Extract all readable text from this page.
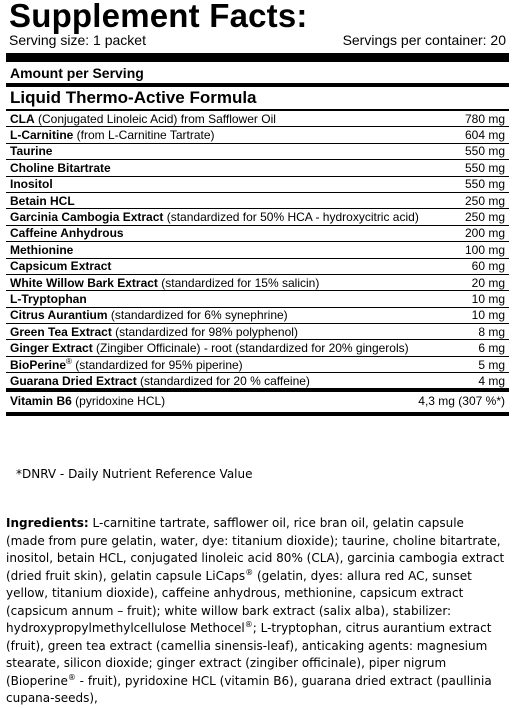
Supplement Facts:
Serving size: 1 packet	Servings per container: 20
Amount per Serving
Liquid Thermo-Active Formula
CLA (Conjugated Linoleic Acid) from Safflower Oil	780 mg
L-Carnitine (from L-Carnitine Tartrate)	604 mg
Taurine	550 mg
Choline Bitartrate	550 mg
Inositol	550 mg
Betain HCL	250 mg
Garcinia Cambogia Extract (standardized for 50% HCA - hydroxycitric acid)	250 mg
Caffeine Anhydrous	200 mg
Methionine	100 mg
Capsicum Extract	60 mg
White Willow Bark Extract (standardized for 15% salicin)	20 mg
L-Tryptophan	10 mg
Citrus Aurantium (standardized for 6% synephrine)	10 mg
Green Tea Extract (standardized for 98% polyphenol)	8 mg
Ginger Extract (Zingiber Officinale) - root (standardized for 20% gingerols)	6 mg
BioPerine® (standardized for 95% piperine)	5 mg
Guarana Dried Extract (standardized for 20 % caffeine)	4 mg
Vitamin B6 (pyridoxine HCL)	4,3 mg (307 %*)
*DNRV - Daily Nutrient Reference Value
Ingredients: L-carnitine tartrate, safflower oil, rice bran oil, gelatin capsule (made from pure gelatin, water, dye: titanium dioxide); taurine, choline bitartrate, inositol, betain HCL, conjugated linoleic acid 80% (CLA), garcinia cambogia extract (dried fruit skin), gelatin capsule LiCaps® (gelatin, dyes: allura red AC, sunset yellow, titanium dioxide), caffeine anhydrous, methionine, capsicum extract (capsicum annum – fruit); white willow bark extract (salix alba), stabilizer: hydroxypropylmethylcellulose Methocel®; L-tryptophan, citrus aurantium extract (fruit), green tea extract (camellia sinensis-leaf), anticaking agents: magnesium stearate, silicon dioxide; ginger extract (zingiber officinale), piper nigrum (Bioperine® - fruit), pyridoxine HCL (vitamin B6), guarana dried extract (paullinia cupana-seeds),
